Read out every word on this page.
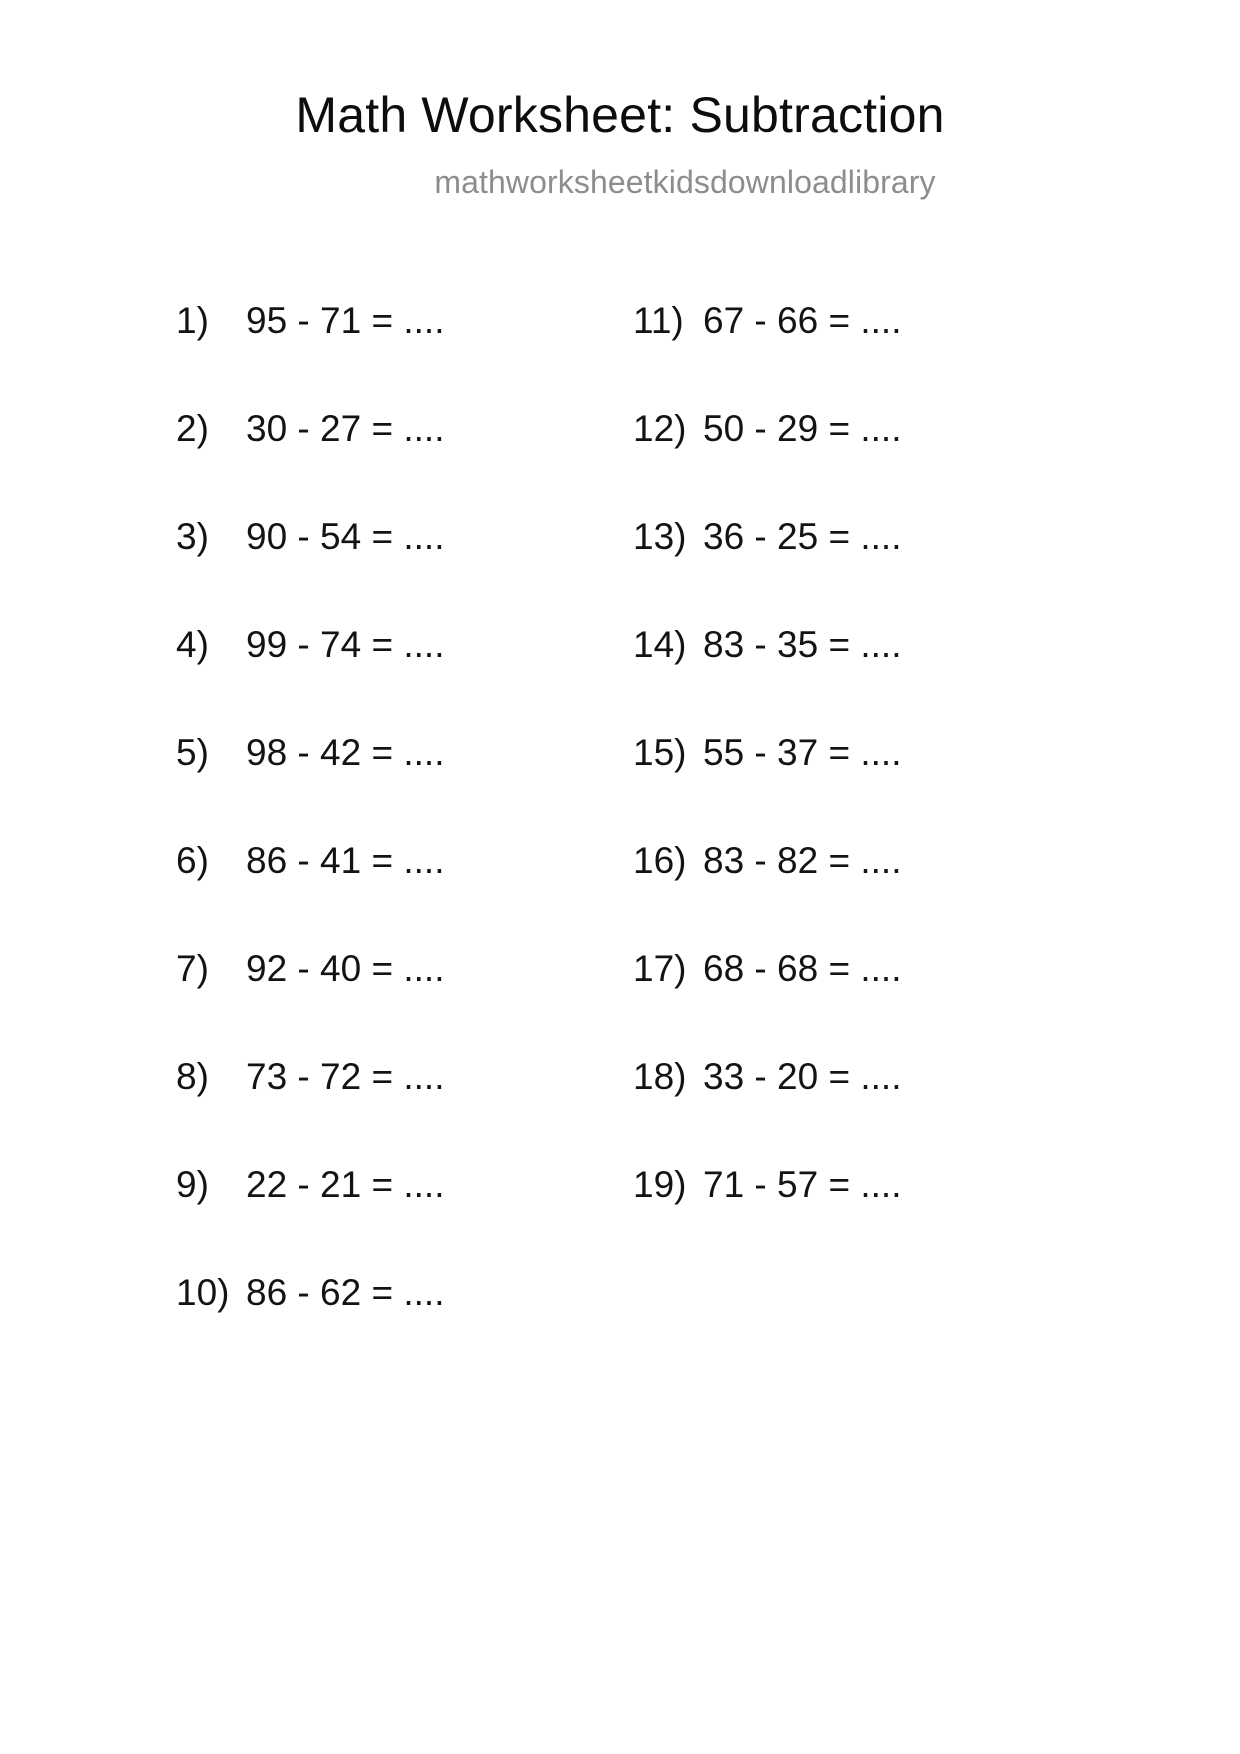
Math Worksheet: Subtraction
mathworksheetkidsdownloadlibrary
1)	95 - 71 = ....
2)	30 - 27 = ....
3)	90 - 54 = ....
4)	99 - 74 = ....
5)	98 - 42 = ....
6)	86 - 41 = ....
7)	92 - 40 = ....
8)	73 - 72 = ....
9)	22 - 21 = ....
10) 86 - 62 = ....
11) 67 - 66 = ....
12) 50 - 29 = ....
13) 36 - 25 = ....
14) 83 - 35 = ....
15) 55 - 37 = ....
16) 83 - 82 = ....
17) 68 - 68 = ....
18) 33 - 20 = ....
19) 71 - 57 = ....
